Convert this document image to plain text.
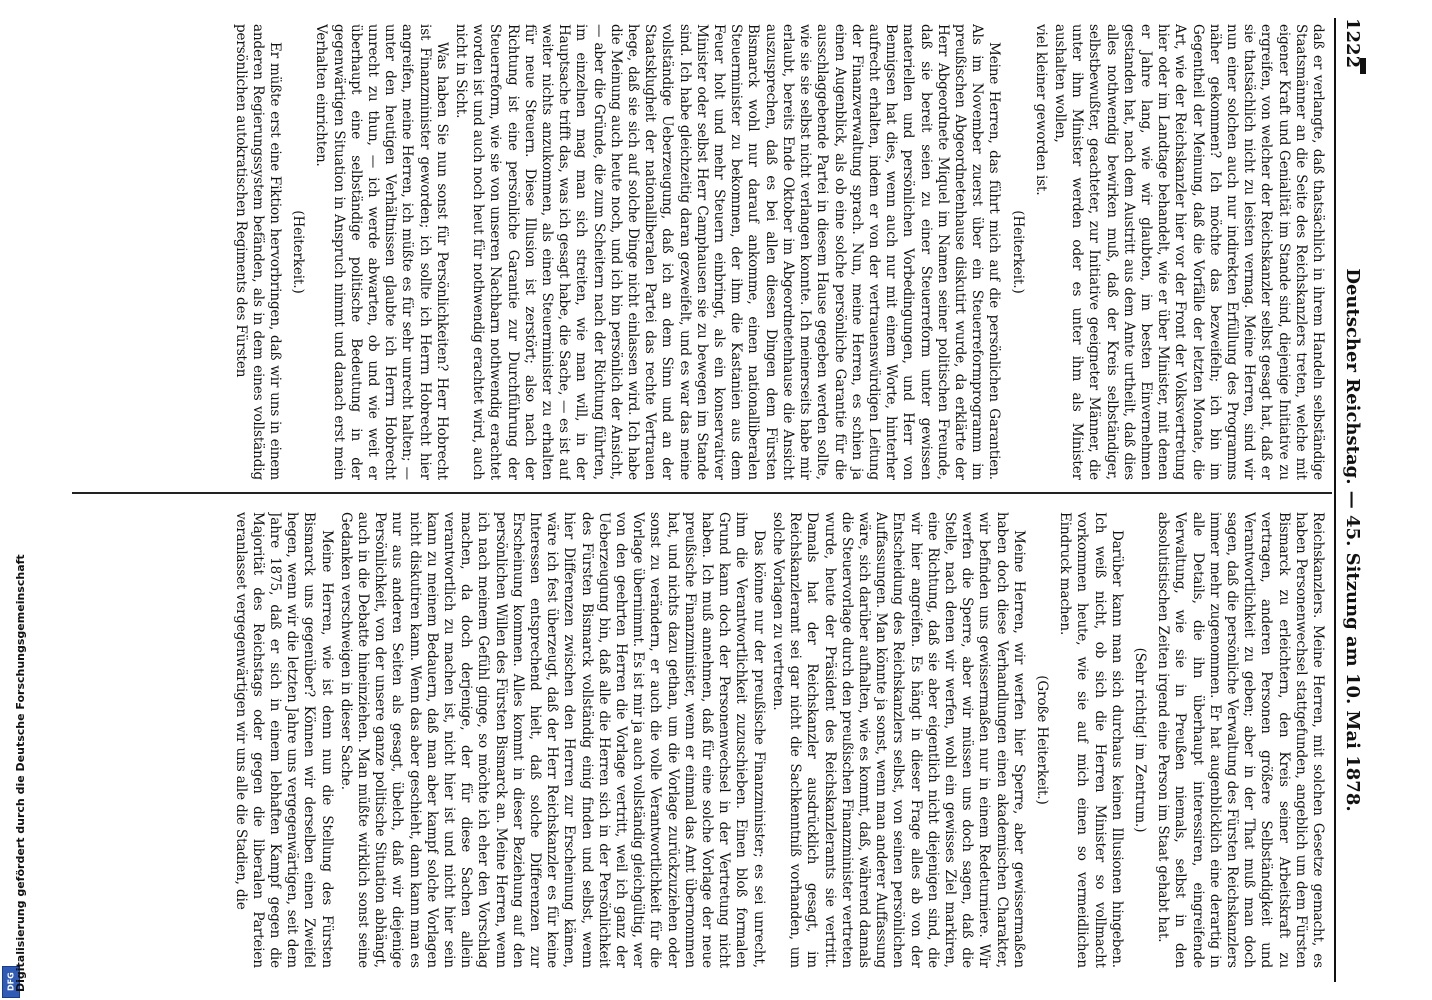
DFG
Digitalisierung gefördert durch die Deutsche Forschungsgemeinschaft
1222
Deutscher Reichstag. — 45. Sitzung am 10. Mai 1878.

daß er verlangte, daß thatsächlich in ihrem Handeln selbständige Staatsmänner an die Seite des Reichskanzlers treten, welche mit eigener Kraft und Genialität im Stande sind, diejenige Initiative zu ergreifen, von welcher der Reichskanzler selbst gesagt hat, daß er sie thatsächlich nicht zu leisten vermag. Meine Herren, sind wir nun einer solchen auch nur indirekten Erfüllung des Programms näher gekommen? Ich möchte das bezweifeln; ich bin im Gegentheil der Meinung, daß die Vorfälle der letzten Monate, die Art, wie der Reichskanzler hier vor der Front der Volksvertretung hier oder im Landtage behandelt, wie er über Minister, mit denen er Jahre lang, wie wir glaubten, im besten Einvernehmen gestanden hat, nach dem Austritt aus dem Amte urtheilt, daß dies alles nothwendig bewirken muß, daß der Kreis selbständiger, selbstbewußter, geachteter, zur Initiative geeigneter Männer, die unter ihm Minister werden oder es unter ihm als Minister aushalten wollen,

viel kleiner geworden ist.

(Heiterkeit.)

Meine Herren, das führt mich auf die persönlichen Garantien. Als im November zuerst über ein Steuerreformprogramm im preußischen Abgeordnetenhause diskutirt wurde, da erklärte der Herr Abgeordnete Miquel im Namen seiner politischen Freunde, daß sie bereit seien zu einer Steuerreform unter gewissen materiellen und persönlichen Vorbedingungen, und Herr von Bennigsen hat dies, wenn auch nur mit einem Worte, hinterher aufrecht erhalten, indem er von der vertrauenswürdigen Leitung der Finanzverwaltung sprach. Nun, meine Herren, es schien ja einen Augenblick, als ob eine solche persönliche Garantie für die ausschlaggebende Partei in diesem Hause gegeben werden sollte, wie sie sie selbst nicht verlangen konnte. Ich meinerseits habe mir erlaubt, bereits Ende Oktober im Abgeordnetenhause die Ansicht auszusprechen, daß es bei allen diesen Dingen dem Fürsten Bismarck wohl nur darauf ankomme, einen nationalliberalen Steuerminister zu bekommen, der ihm die Kastanien aus dem Feuer holt und mehr Steuern einbringt, als ein konservativer Minister oder selbst Herr Camphausen sie zu bewegen im Stande sind. Ich habe gleichzeitig daran gezweifelt, und es war das meine vollständige Ueberzeugung, daß ich an dem Sinn und an der Staatsklugheit der nationalliberalen Partei das rechte Vertrauen hege, daß sie sich auf solche Dinge nicht einlassen wird. Ich habe die Meinung auch heute noch, und ich bin persönlich der Ansicht, — aber die Gründe, die zum Scheitern nach der Richtung führten, im einzelnen mag man sich streiten, wie man will, in der Hauptsache trifft das, was ich gesagt habe, die Sache, — es ist auf weiter nichts anzukommen, als einen Steuerminister zu erhalten für neue Steuern. Diese Illusion ist zerstört; also nach der Richtung ist eine persönliche Garantie zur Durchführung der Steuerreform, wie sie von unseren Nachbarn nothwendig erachtet worden ist und auch noch heut für nothwendig erachtet wird, auch nicht in Sicht.

Was haben Sie nun sonst für Persönlichkeiten? Herr Hobrecht ist Finanzminister geworden; ich sollte ich Herrn Hobrecht hier angreifen, meine Herren, ich müßte es für sehr unrecht halten; — unter den heutigen Verhältnissen glaubte ich Herrn Hobrecht unrecht zu thun, — ich werde abwarten, ob und wie weit er überhaupt eine selbständige politische Bedeutung in der gegenwärtigen Situation in Anspruch nimmt und danach erst mein Verhalten einrichten.

(Heiterkeit.)

Er müßte erst eine Fiktion hervorbringen, daß wir uns in einem anderen Regierungssystem befänden, als in dem eines vollständig persönlichen autokratischen Regiments des Fürsten

Reichskanzlers. Meine Herren, mit solchen Gesetze gemacht, es haben Personenwechsel stattgefunden, angeblich um dem Fürsten Bismarck zu erleichtern, den Kreis seiner Arbeitskraft zu vertragen, anderen Personen größere Selbständigkeit und Verantwortlichkeit zu geben; aber in der That muß man doch sagen, daß die persönliche Verwaltung des Fürsten Reichskanzlers immer mehr zugenommen. Er hat augenblicklich eine derartig in alle Details, die ihn überhaupt interessiren, eingreifende Verwaltung, wie sie in Preußen niemals, selbst in den absolutistischen Zeiten irgend eine Person im Staat gehabt hat.

(Sehr richtig! im Zentrum.)

Darüber kann man sich durchaus keinen Illusionen hingeben. Ich weiß nicht, ob sich die Herren Minister so vollmacht vorkommen heute, wie sie auf mich einen so vermeidlichen Eindruck machen.

(Große Heiterkeit.)

Meine Herren, wir werfen hier Sperre, aber gewissermaßen haben doch diese Verhandlungen einen akademischen Charakter, wir befinden uns gewissermaßen nur in einem Redeturniere. Wir werfen die Sperre, aber wir müssen uns doch sagen, daß die Stelle, nach denen wir werfen, wohl ein gewisses Ziel markiren, eine Richtung, daß sie aber eigentlich nicht diejenigen sind, die wir hier angreifen. Es hängt in dieser Frage alles ab von der Entscheidung des Reichskanzlers selbst, von seinen persönlichen Auffassungen. Man könnte ja sonst, wenn man anderer Auffassung wäre, sich darüber aufhalten, wie es kommt, daß, während damals die Steuervorlage durch den preußischen Finanzminister vertreten wurde, heute der Präsident des Reichskanzleramts sie vertritt. Damals hat der Reichskanzler ausdrücklich gesagt, im Reichskanzleramt sei gar nicht die Sachkenntniß vorhanden, um solche Vorlagen zu vertreten.

Das könne nur der preußische Finanzminister; es sei unrecht, ihm die Verantwortlichkeit zuzuschieben. Einen bloß formalen Grund kann doch der Personenwechsel in der Vertretung nicht haben. Ich muß annehmen, daß für eine solche Vorlage der neue preußische Finanzminister, wenn er einmal das Amt übernommen hat, und nichts dazu gethan, um die Vorlage zurückzuziehen oder sonst zu verändern, er auch die volle Verantwortlichkeit für die Vorlage übernimmt. Es ist mir ja auch vollständig gleichgültig, wer von den geehrten Herren die Vorlage vertritt, weil ich ganz der Ueberzeugung bin, daß alle die Herren sich in der Persönlichkeit des Fürsten Bismarck vollständig einig finden und selbst, wenn hier Differenzen zwischen den Herren zur Erscheinung kämen, wäre ich fest überzeugt, daß der Herr Reichskanzler es für keine Interessen entsprechend hielt, daß solche Differenzen zur Erscheinung kommen. Alles kommt in dieser Beziehung auf den persönlichen Willen des Fürsten Bismarck an. Meine Herren, wenn ich nach meinem Gefühl ginge, so möchte ich eher den Vorschlag machen, da doch derjenige, der für diese Sachen allein verantwortlich zu machen ist, nicht hier ist und nicht hier sein kann zu meinem Bedauern, daß man aber kampf solche Vorlagen nicht diskutiren kann. Wenn das aber geschieht, dann kann man es nur aus anderen Seiten als gesagt, übelch, daß wir diejenige Persönlichkeit, von der unsere ganze politische Situation abhängt, auch in die Debatte hineinziehen. Man müßte wirklich sonst seine Gedanken verschweigen in dieser Sache.

Meine Herren, wie ist denn nun die Stellung des Fürsten Bismarck uns gegenüber? Können wir derselben einen Zweifel hegen, wenn wir die letzten Jahre uns vergegenwärtigen, seit dem Jahre 1875, daß er sich in einem lebhaften Kampf gegen die Majorität des Reichstags oder gegen die liberalen Parteien veranlasset vergegenwärtigen wir uns alle die Stadien, die
